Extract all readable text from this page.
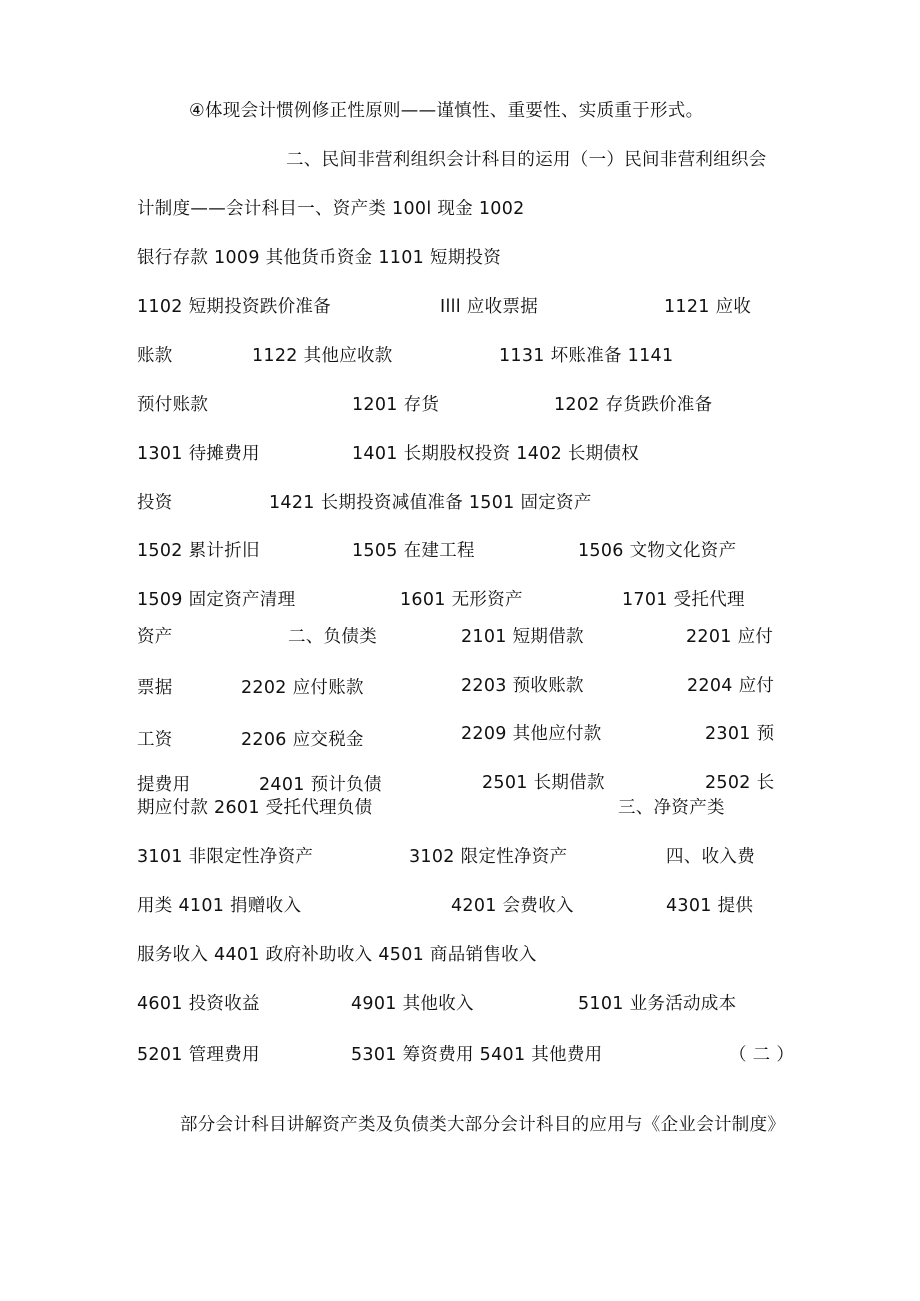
④体现会计惯例修正性原则——谨慎性、重要性、实质重于形式。
二、民间非营利组织会计科目的运用（一）民间非营利组织会
计制度——会计科目一、资产类 100l 现金 1002
银行存款 1009 其他货币资金 1101 短期投资
1102 短期投资跌价准备	Illl 应收票据	1121 应收
账款	1122 其他应收款	1131 坏账准备 1141
预付账款	1201 存货	1202 存货跌价准备
1301 待摊费用	1401 长期股权投资 1402 长期债权
投资	1421 长期投资减值准备 1501 固定资产
1502 累计折旧	1505 在建工程	1506 文物文化资产
1509 固定资产清理	1601 无形资产	1701 受托代理
资产	二、负债类	2101 短期借款	2201 应付
票据	2202 应付账款	2203 预收账款	2204 应付
工资	2206 应交税金	2209 其他应付款	2301 预
提费用	2401 预计负债	2501 长期借款	2502 长
期应付款 2601 受托代理负债	三、净资产类
3101 非限定性净资产	3102 限定性净资产	四、收入费
用类 4101 捐赠收入	4201 会费收入	4301 提供
服务收入 4401 政府补助收入 4501 商品销售收入
4601 投资收益	4901 其他收入	5101 业务活动成本
5201 管理费用	5301 筹资费用 5401 其他费用	（ 二 ）
部分会计科目讲解资产类及负债类大部分会计科目的应用与《企业会计制度》
